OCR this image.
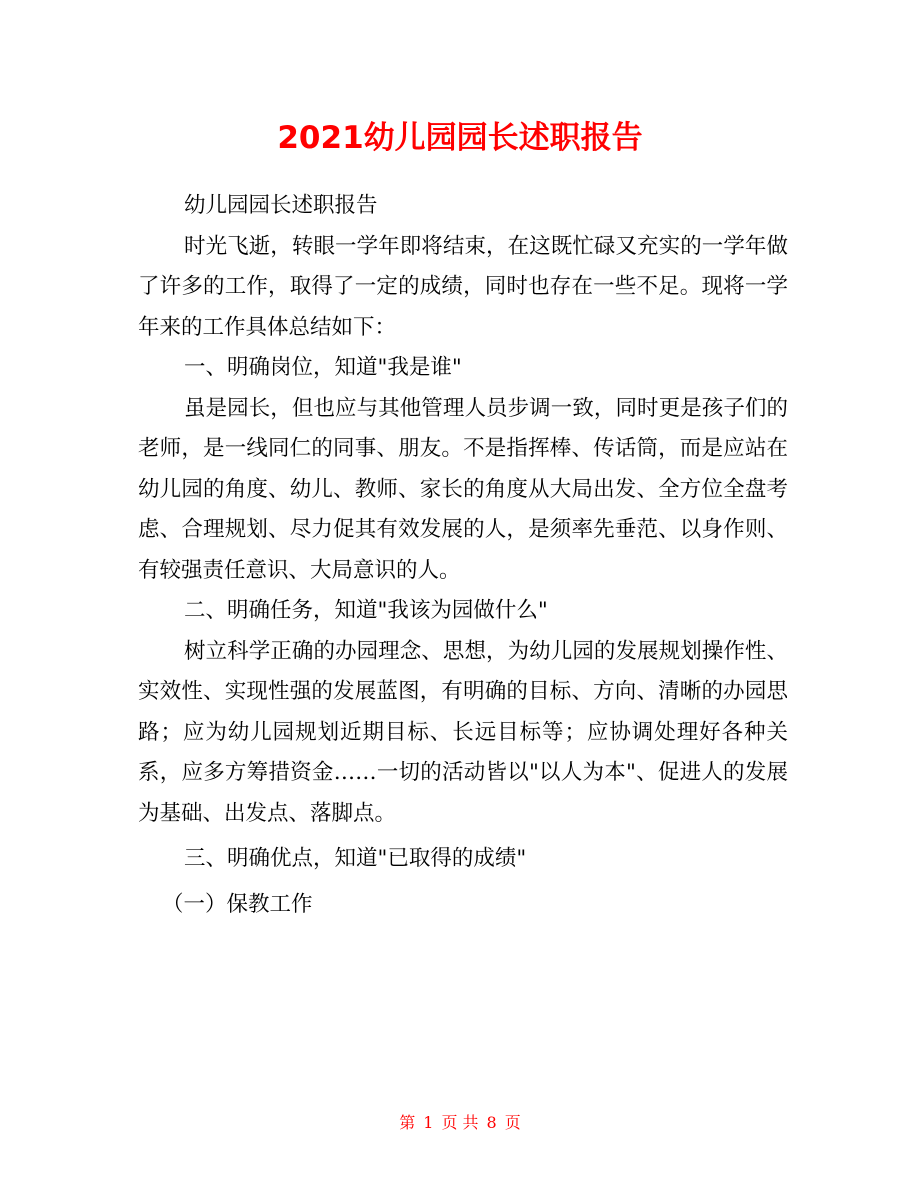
2021幼儿园园长述职报告

幼儿园园长述职报告

时光飞逝，转眼一学年即将结束，在这既忙碌又充实的一学年做了许多的工作，取得了一定的成绩，同时也存在一些不足。现将一学年来的工作具体总结如下：

一、明确岗位，知道"我是谁"

虽是园长，但也应与其他管理人员步调一致，同时更是孩子们的老师，是一线同仁的同事、朋友。不是指挥棒、传话筒，而是应站在幼儿园的角度、幼儿、教师、家长的角度从大局出发、全方位全盘考虑、合理规划、尽力促其有效发展的人，是须率先垂范、以身作则、有较强责任意识、大局意识的人。

二、明确任务，知道"我该为园做什么"

树立科学正确的办园理念、思想，为幼儿园的发展规划操作性、实效性、实现性强的发展蓝图，有明确的目标、方向、清晰的办园思路；应为幼儿园规划近期目标、长远目标等；应协调处理好各种关系，应多方筹措资金……一切的活动皆以"以人为本"、促进人的发展为基础、出发点、落脚点。

三、明确优点，知道"已取得的成绩"

（一）保教工作

第 1 页 共 8 页
